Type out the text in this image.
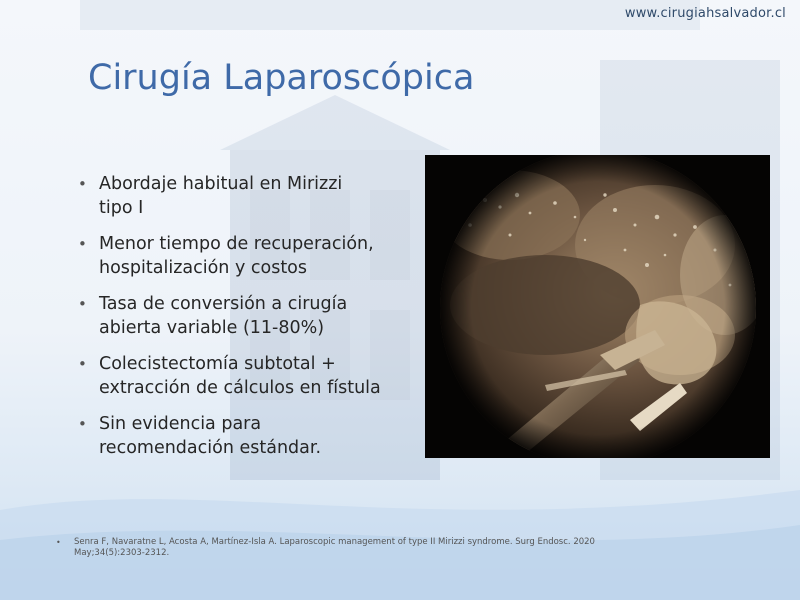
www.cirugiahsalvador.cl
Cirugía Laparoscópica
• Abordaje habitual en Mirizzi
tipo I
• Menor tiempo de recuperación,
hospitalización y costos
• Tasa de conversión a cirugía
abierta variable (11-80%)
• Colecistectomía subtotal +
extracción de cálculos en fístula
• Sin evidencia para
recomendación estándar.
• Senra F, Navaratne L, Acosta A, Martínez-Isla A. Laparoscopic management of type II Mirizzi syndrome. Surg Endosc. 2020
May;34(5):2303-2312.
